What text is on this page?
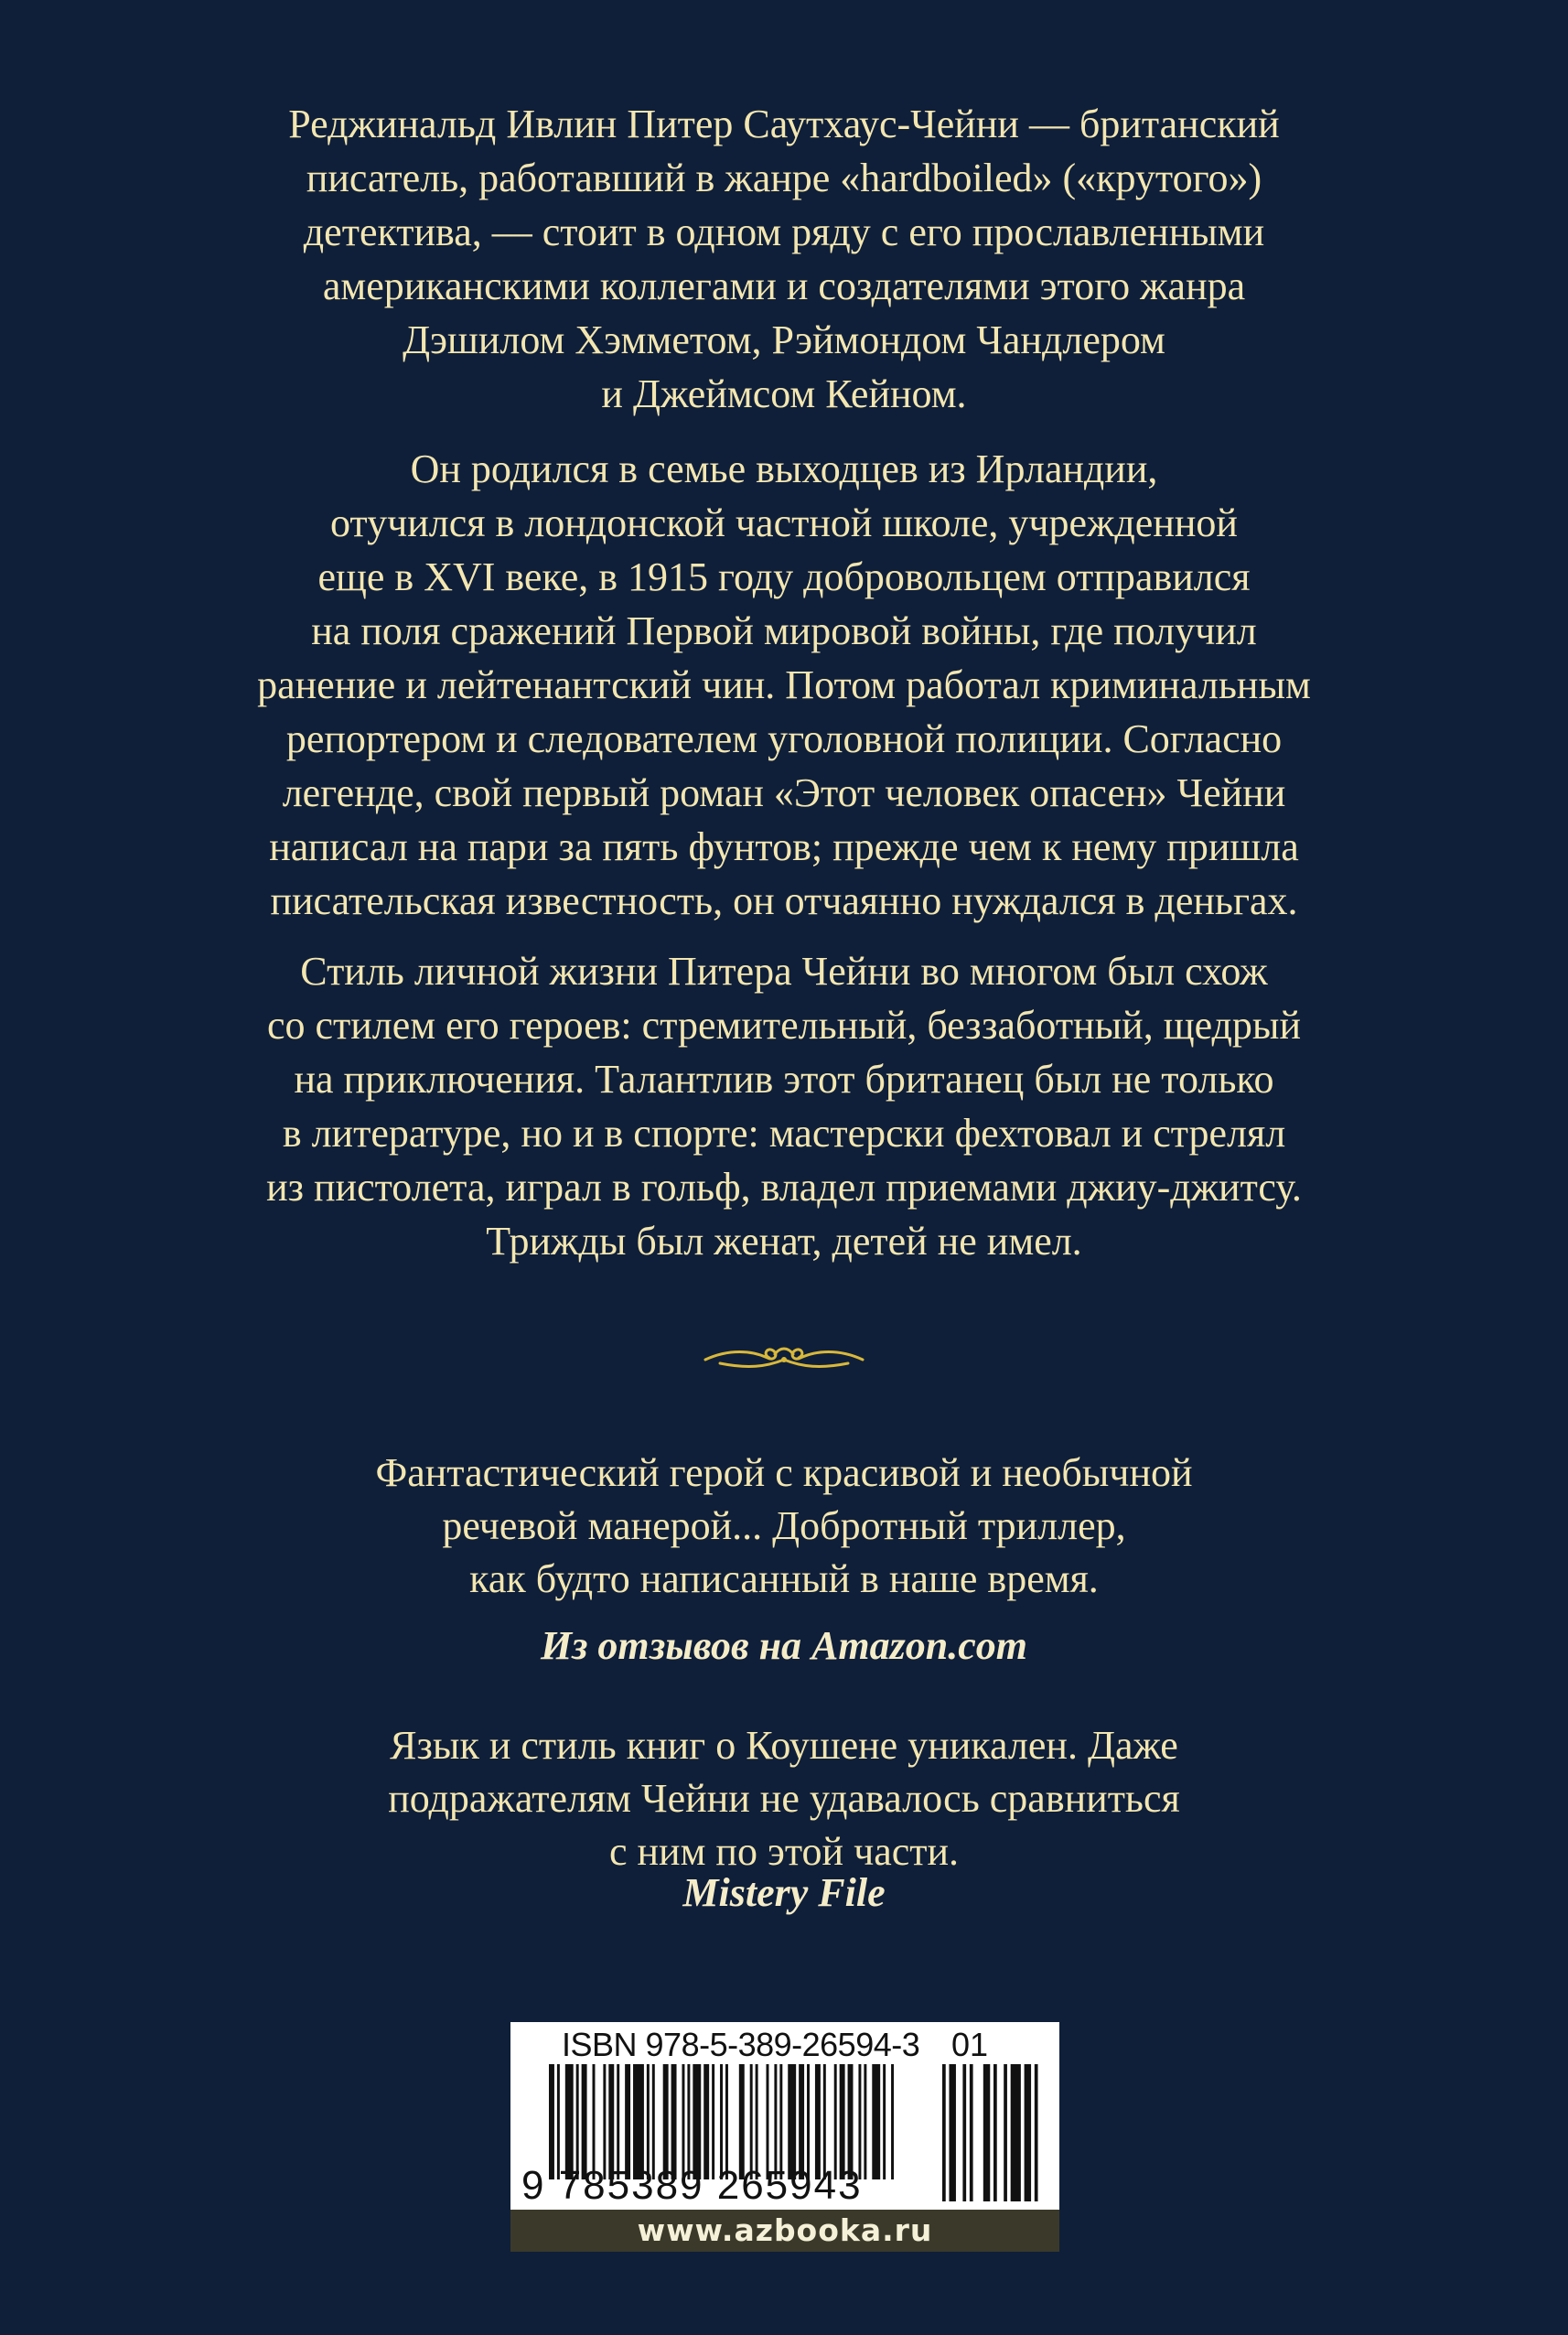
Реджинальд Ивлин Питер Саутхаус-Чейни — британский
писатель, работавший в жанре «hardboiled» («крутого»)
детектива, — стоит в одном ряду с его прославленными
американскими коллегами и создателями этого жанра
Дэшилом Хэмметом, Рэймондом Чандлером
и Джеймсом Кейном.
Он родился в семье выходцев из Ирландии,
отучился в лондонской частной школе, учрежденной
еще в XVI веке, в 1915 году добровольцем отправился
на поля сражений Первой мировой войны, где получил
ранение и лейтенантский чин. Потом работал криминальным
репортером и следователем уголовной полиции. Согласно
легенде, свой первый роман «Этот человек опасен» Чейни
написал на пари за пять фунтов; прежде чем к нему пришла
писательская известность, он отчаянно нуждался в деньгах.
Стиль личной жизни Питера Чейни во многом был схож
со стилем его героев: стремительный, беззаботный, щедрый
на приключения. Талантлив этот британец был не только
в литературе, но и в спорте: мастерски фехтовал и стрелял
из пистолета, играл в гольф, владел приемами джиу-джитсу.
Трижды был женат, детей не имел.
Фантастический герой с красивой и необычной
речевой манерой... Добротный триллер,
как будто написанный в наше время.
Из отзывов на Amazon.com
Язык и стиль книг о Коушене уникален. Даже
подражателям Чейни не удавалось сравниться
с ним по этой части.
Mistery File
ISBN 978-5-389-26594-3 01
9 785389 265943
www.azbooka.ru
